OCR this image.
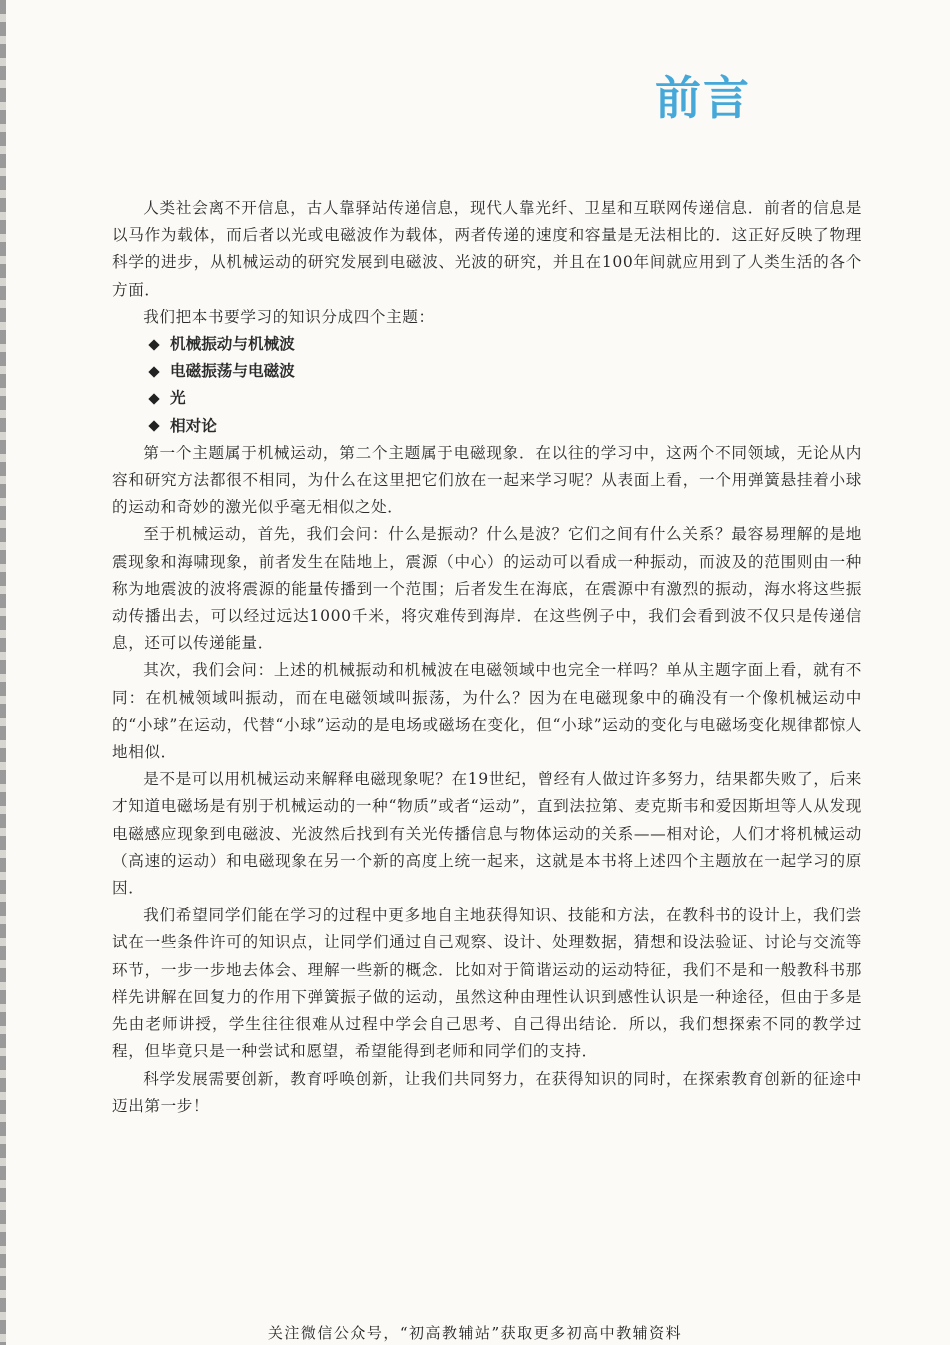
前言

人类社会离不开信息，古人靠驿站传递信息，现代人靠光纤、卫星和互联网传递信息．前者的信息是以马作为载体，而后者以光或电磁波作为载体，两者传递的速度和容量是无法相比的．这正好反映了物理科学的进步，从机械运动的研究发展到电磁波、光波的研究，并且在100年间就应用到了人类生活的各个方面．

我们把本书要学习的知识分成四个主题：

机械振动与机械波
电磁振荡与电磁波
光
相对论

第一个主题属于机械运动，第二个主题属于电磁现象．在以往的学习中，这两个不同领域，无论从内容和研究方法都很不相同，为什么在这里把它们放在一起来学习呢？从表面上看，一个用弹簧悬挂着小球的运动和奇妙的激光似乎毫无相似之处．

至于机械运动，首先，我们会问：什么是振动？什么是波？它们之间有什么关系？最容易理解的是地震现象和海啸现象，前者发生在陆地上，震源（中心）的运动可以看成一种振动，而波及的范围则由一种称为地震波的波将震源的能量传播到一个范围；后者发生在海底，在震源中有激烈的振动，海水将这些振动传播出去，可以经过远达1000千米，将灾难传到海岸．在这些例子中，我们会看到波不仅只是传递信息，还可以传递能量．

其次，我们会问：上述的机械振动和机械波在电磁领域中也完全一样吗？单从主题字面上看，就有不同：在机械领域叫振动，而在电磁领域叫振荡，为什么？因为在电磁现象中的确没有一个像机械运动中的“小球”在运动，代替“小球”运动的是电场或磁场在变化，但“小球”运动的变化与电磁场变化规律都惊人地相似．

是不是可以用机械运动来解释电磁现象呢？在19世纪，曾经有人做过许多努力，结果都失败了，后来才知道电磁场是有别于机械运动的一种“物质”或者“运动”，直到法拉第、麦克斯韦和爱因斯坦等人从发现电磁感应现象到电磁波、光波然后找到有关光传播信息与物体运动的关系——相对论，人们才将机械运动（高速的运动）和电磁现象在另一个新的高度上统一起来，这就是本书将上述四个主题放在一起学习的原因．

我们希望同学们能在学习的过程中更多地自主地获得知识、技能和方法，在教科书的设计上，我们尝试在一些条件许可的知识点，让同学们通过自己观察、设计、处理数据，猜想和设法验证、讨论与交流等环节，一步一步地去体会、理解一些新的概念．比如对于简谐运动的运动特征，我们不是和一般教科书那样先讲解在回复力的作用下弹簧振子做的运动，虽然这种由理性认识到感性认识是一种途径，但由于多是先由老师讲授，学生往往很难从过程中学会自己思考、自己得出结论．所以，我们想探索不同的教学过程，但毕竟只是一种尝试和愿望，希望能得到老师和同学们的支持．

科学发展需要创新，教育呼唤创新，让我们共同努力，在获得知识的同时，在探索教育创新的征途中迈出第一步！

关注微信公众号，“初高教辅站”获取更多初高中教辅资料
